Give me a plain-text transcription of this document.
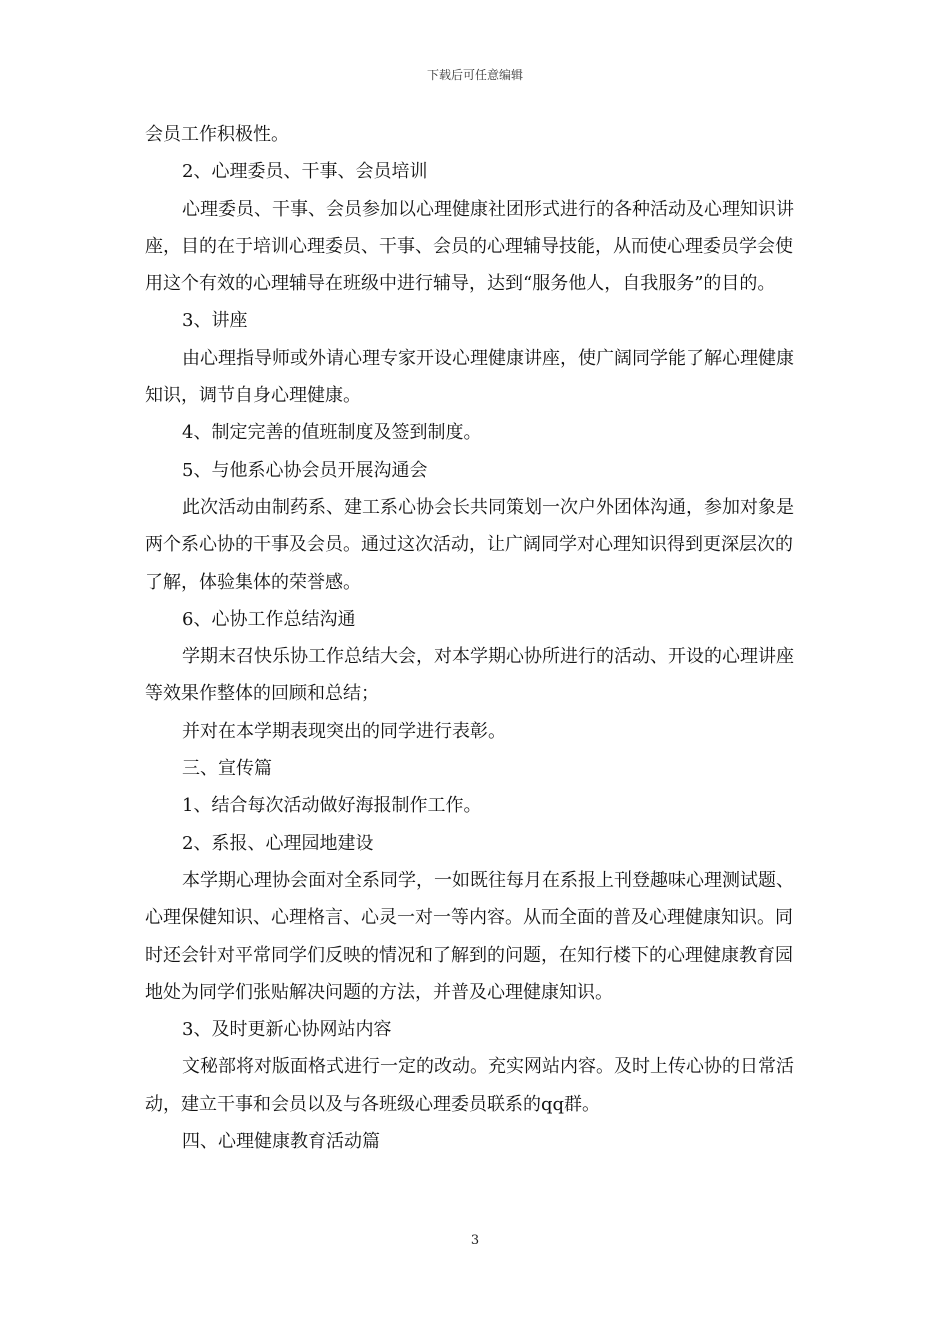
下载后可任意编辑

会员工作积极性。

2、心理委员、干事、会员培训

心理委员、干事、会员参加以心理健康社团形式进行的各种活动及心理知识讲座，目的在于培训心理委员、干事、会员的心理辅导技能，从而使心理委员学会使用这个有效的心理辅导在班级中进行辅导，达到“服务他人，自我服务”的目的。

3、讲座

由心理指导师或外请心理专家开设心理健康讲座，使广阔同学能了解心理健康知识，调节自身心理健康。

4、制定完善的值班制度及签到制度。

5、与他系心协会员开展沟通会

此次活动由制药系、建工系心协会长共同策划一次户外团体沟通，参加对象是两个系心协的干事及会员。通过这次活动，让广阔同学对心理知识得到更深层次的了解，体验集体的荣誉感。

6、心协工作总结沟通

学期末召快乐协工作总结大会，对本学期心协所进行的活动、开设的心理讲座等效果作整体的回顾和总结；

并对在本学期表现突出的同学进行表彰。

三、宣传篇

1、结合每次活动做好海报制作工作。

2、系报、心理园地建设

本学期心理协会面对全系同学，一如既往每月在系报上刊登趣味心理测试题、心理保健知识、心理格言、心灵一对一等内容。从而全面的普及心理健康知识。同时还会针对平常同学们反映的情况和了解到的问题，在知行楼下的心理健康教育园地处为同学们张贴解决问题的方法，并普及心理健康知识。

3、及时更新心协网站内容

文秘部将对版面格式进行一定的改动。充实网站内容。及时上传心协的日常活动，建立干事和会员以及与各班级心理委员联系的qq群。

四、心理健康教育活动篇

3
